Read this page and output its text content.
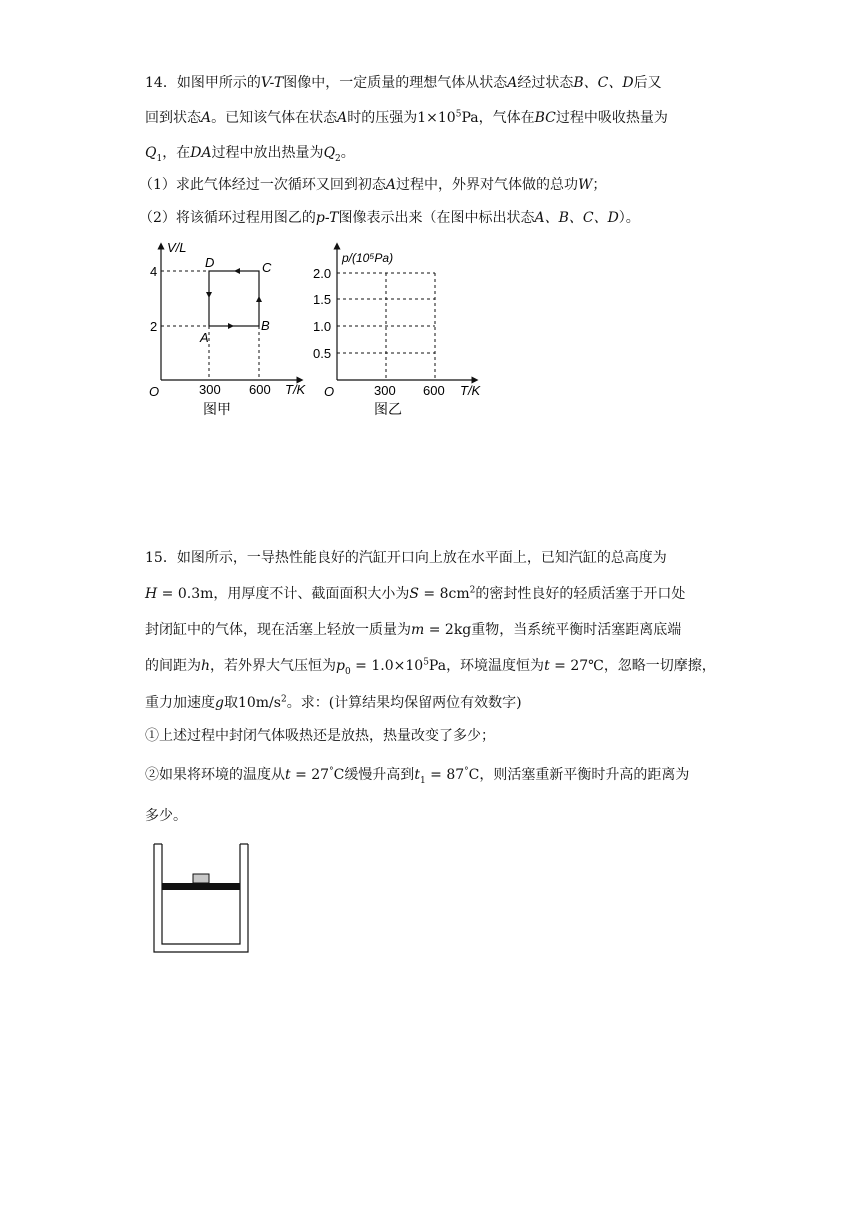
14．如图甲所示的V-T图像中，一定质量的理想气体从状态A经过状态B、C、D后又
回到状态A。已知该气体在状态A时的压强为$1\times 10^5Pa$，气体在BC过程中吸收热量为
$Q_1$，在DA过程中放出热量为$Q_2$。
（1）求此气体经过一次循环又回到初态A过程中，外界对气体做的总功W；
（2）将该循环过程用图乙的p-T图像表示出来（在图中标出状态A、B、C、D）。
V/L
T/K
O
2
4
300 600
A
B
C
D
图甲
p/(10⁵Pa)
T/K
O
0.5
1.0
1.5
2.0
300 600
图乙
15．如图所示，一导热性能良好的汽缸开口向上放在水平面上，已知汽缸的总高度为
H = 0.3m，用厚度不计、截面面积大小为$S = 8cm^2$的密封性良好的轻质活塞于开口处
封闭缸中的气体，现在活塞上轻放一质量为m = 2kg重物，当系统平衡时活塞距离底端
的间距为h，若外界大气压恒为$p_0 = 1.0\times 10^5Pa$，环境温度恒为t = 27℃，忽略一切摩擦，
重力加速度g取$10m/s^2$。求：(计算结果均保留两位有效数字)
①上述过程中封闭气体吸热还是放热，热量改变了多少；
②如果将环境的温度从t = 27°C缓慢升高到$t_1 = 87^\circ C$，则活塞重新平衡时升高的距离为
多少。
